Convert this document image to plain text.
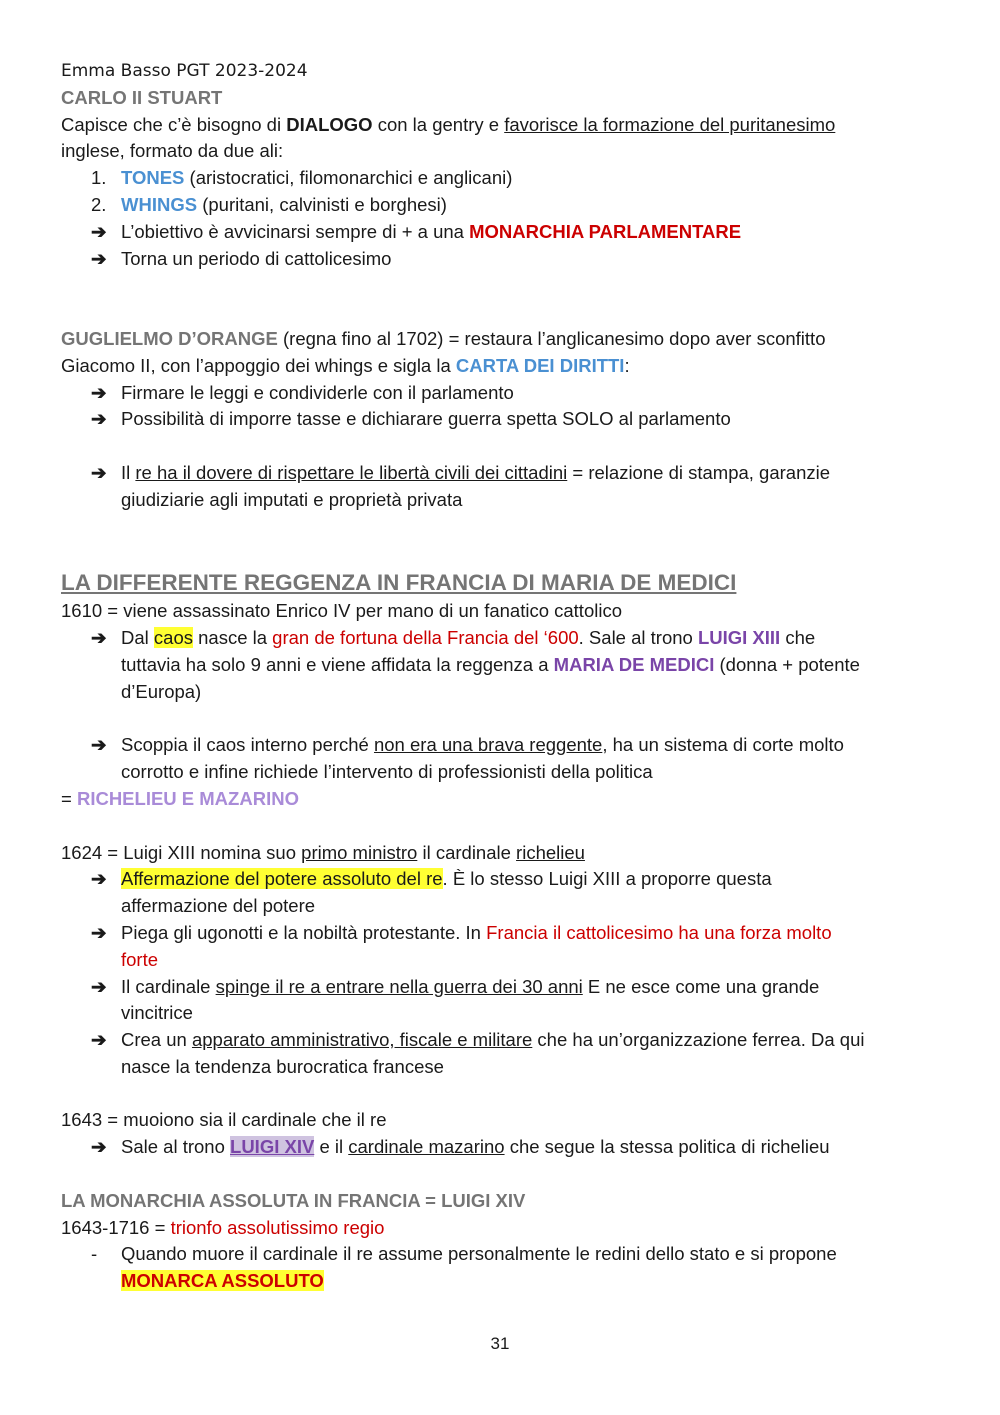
Emma Basso PGT 2023-2024

CARLO II STUART

Capisce che c’è bisogno di DIALOGO con la gentry e favorisce la formazione del puritanesimo
inglese, formato da due ali:

1. TONES (aristocratici, filomonarchici e anglicani)
2. WHINGS (puritani, calvinisti e borghesi)
➔ L’obiettivo è avvicinarsi sempre di + a una MONARCHIA PARLAMENTARE
➔ Torna un periodo di cattolicesimo

GUGLIELMO D’ORANGE (regna fino al 1702) = restaura l’anglicanesimo dopo aver sconfitto
Giacomo II, con l’appoggio dei whings e sigla la CARTA DEI DIRITTI:

➔ Firmare le leggi e condividerle con il parlamento
➔ Possibilità di imporre tasse e dichiarare guerra spetta SOLO al parlamento
➔ Il re ha il dovere di rispettare le libertà civili dei cittadini = relazione di stampa, garanzie
giudiziarie agli imputati e proprietà privata

LA DIFFERENTE REGGENZA IN FRANCIA DI MARIA DE MEDICI

1610 = viene assassinato Enrico IV per mano di un fanatico cattolico

➔ Dal caos nasce la gran de fortuna della Francia del ‘600. Sale al trono LUIGI XIII che
tuttavia ha solo 9 anni e viene affidata la reggenza a MARIA DE MEDICI (donna + potente
d’Europa)
➔ Scoppia il caos interno perché non era una brava reggente, ha un sistema di corte molto
corrotto e infine richiede l’intervento di professionisti della politica

= RICHELIEU E MAZARINO

1624 = Luigi XIII nomina suo primo ministro il cardinale richelieu

➔ Affermazione del potere assoluto del re. È lo stesso Luigi XIII a proporre questa
affermazione del potere
➔ Piega gli ugonotti e la nobiltà protestante. In Francia il cattolicesimo ha una forza molto
forte
➔ Il cardinale spinge il re a entrare nella guerra dei 30 anni E ne esce come una grande
vincitrice
➔ Crea un apparato amministrativo, fiscale e militare che ha un’organizzazione ferrea. Da qui
nasce la tendenza burocratica francese

1643 = muoiono sia il cardinale che il re

➔ Sale al trono LUIGI XIV e il cardinale mazarino che segue la stessa politica di richelieu

LA MONARCHIA ASSOLUTA IN FRANCIA = LUIGI XIV

1643-1716 = trionfo assolutissimo regio

- Quando muore il cardinale il re assume personalmente le redini dello stato e si propone
MONARCA ASSOLUTO
31
